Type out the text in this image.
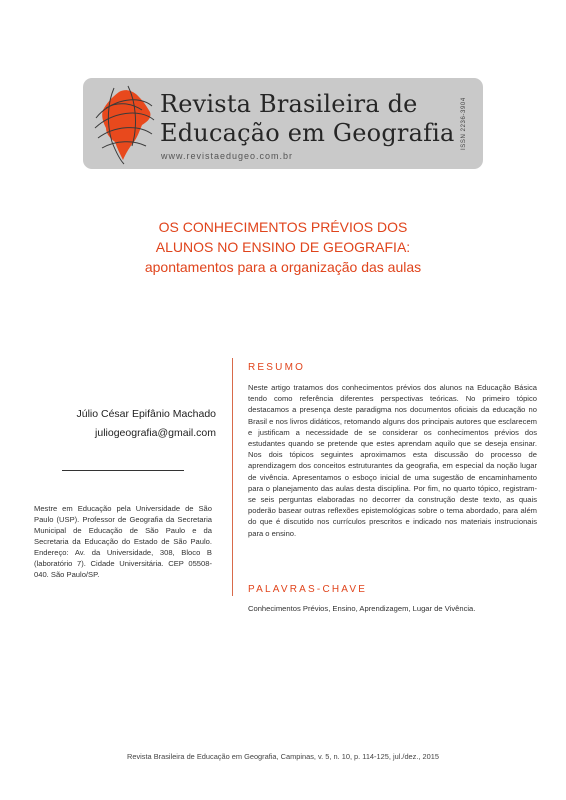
Revista Brasileira de
Educação em Geografia
www.revistaedugeo.com.br
ISSN 2236-3904
OS CONHECIMENTOS PRÉVIOS DOS
ALUNOS NO ENSINO DE GEOGRAFIA:
apontamentos para a organização das aulas
Júlio César Epifânio Machado
juliogeografia@gmail.com
Mestre em Educação pela Universidade de São Paulo (USP). Professor de Geografia da Secretaria Municipal de Educação de São Paulo e da Secretaria da Educação do Estado de São Paulo. Endereço: Av. da Universidade, 308, Bloco B (laboratório 7). Cidade Universitária. CEP 05508-040. São Paulo/SP.
RESUMO
Neste artigo tratamos dos conhecimentos prévios dos alunos na Educação Básica tendo como referência diferentes perspectivas teóricas. No primeiro tópico destacamos a presença deste paradigma nos documentos oficiais da educação no Brasil e nos livros didáticos, retomando alguns dos principais autores que esclarecem e justificam a necessidade de se considerar os conhecimentos prévios dos estudantes quando se pretende que estes aprendam aquilo que se deseja ensinar. Nos dois tópicos seguintes aproximamos esta discussão do processo de aprendizagem dos conceitos estruturantes da geografia, em especial da noção lugar de vivência. Apresentamos o esboço inicial de uma sugestão de encaminhamento para o planejamento das aulas desta disciplina. Por fim, no quarto tópico, registram-se seis perguntas elaboradas no decorrer da construção deste texto, as quais poderão basear outras reflexões epistemológicas sobre o tema abordado, para além do que é discutido nos currículos prescritos e indicado nos materiais instrucionais para o ensino.
PALAVRAS-CHAVE
Conhecimentos Prévios, Ensino, Aprendizagem, Lugar de Vivência.
Revista Brasileira de Educação em Geografia, Campinas, v. 5, n. 10, p. 114-125, jul./dez., 2015
